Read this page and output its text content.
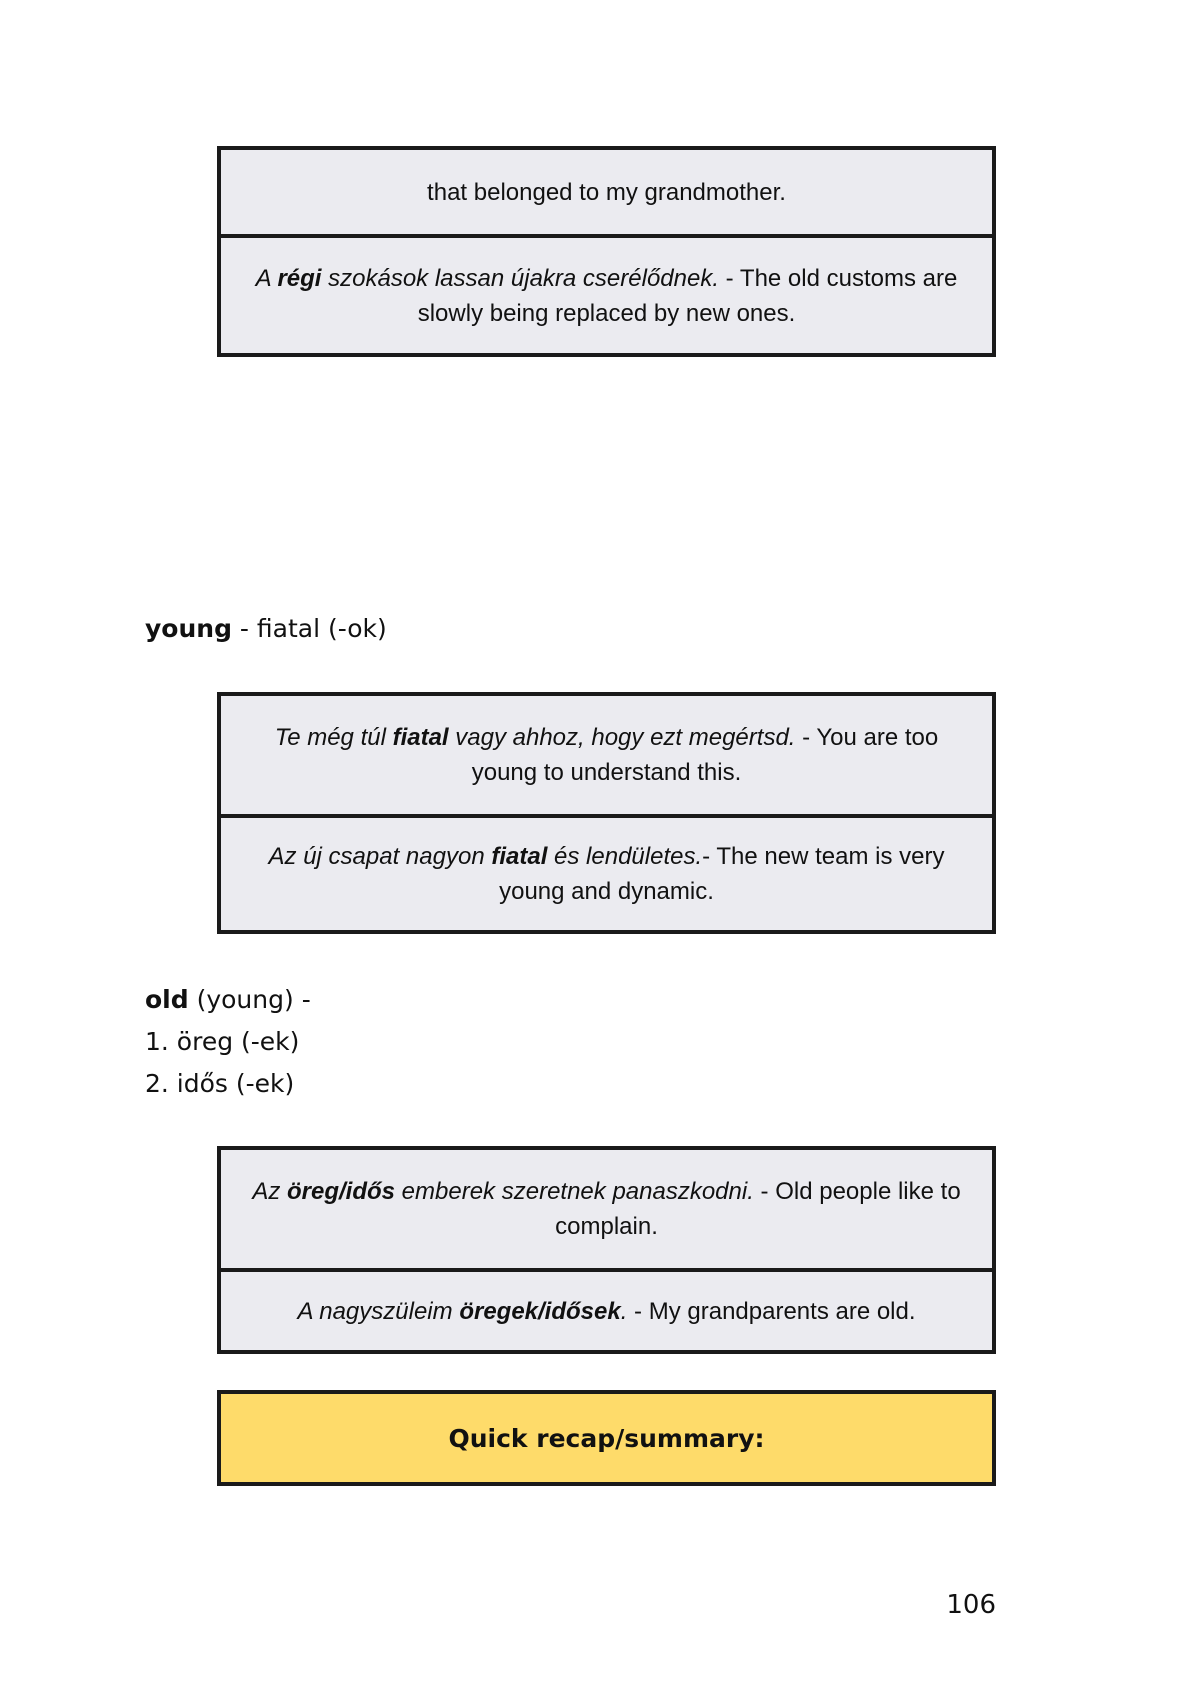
that belonged to my grandmother.
A régi szokások lassan újakra cserélődnek. - The old customs are slowly being replaced by new ones.
young - fiatal (-ok)
Te még túl fiatal vagy ahhoz, hogy ezt megértsd. - You are too young to understand this.
Az új csapat nagyon fiatal és lendületes.- The new team is very young and dynamic.
old (young) -
1. öreg (-ek)
2. idős (-ek)
Az öreg/idős emberek szeretnek panaszkodni. - Old people like to complain.
A nagyszüleim öregek/idősek. - My grandparents are old.
Quick recap/summary:
106
